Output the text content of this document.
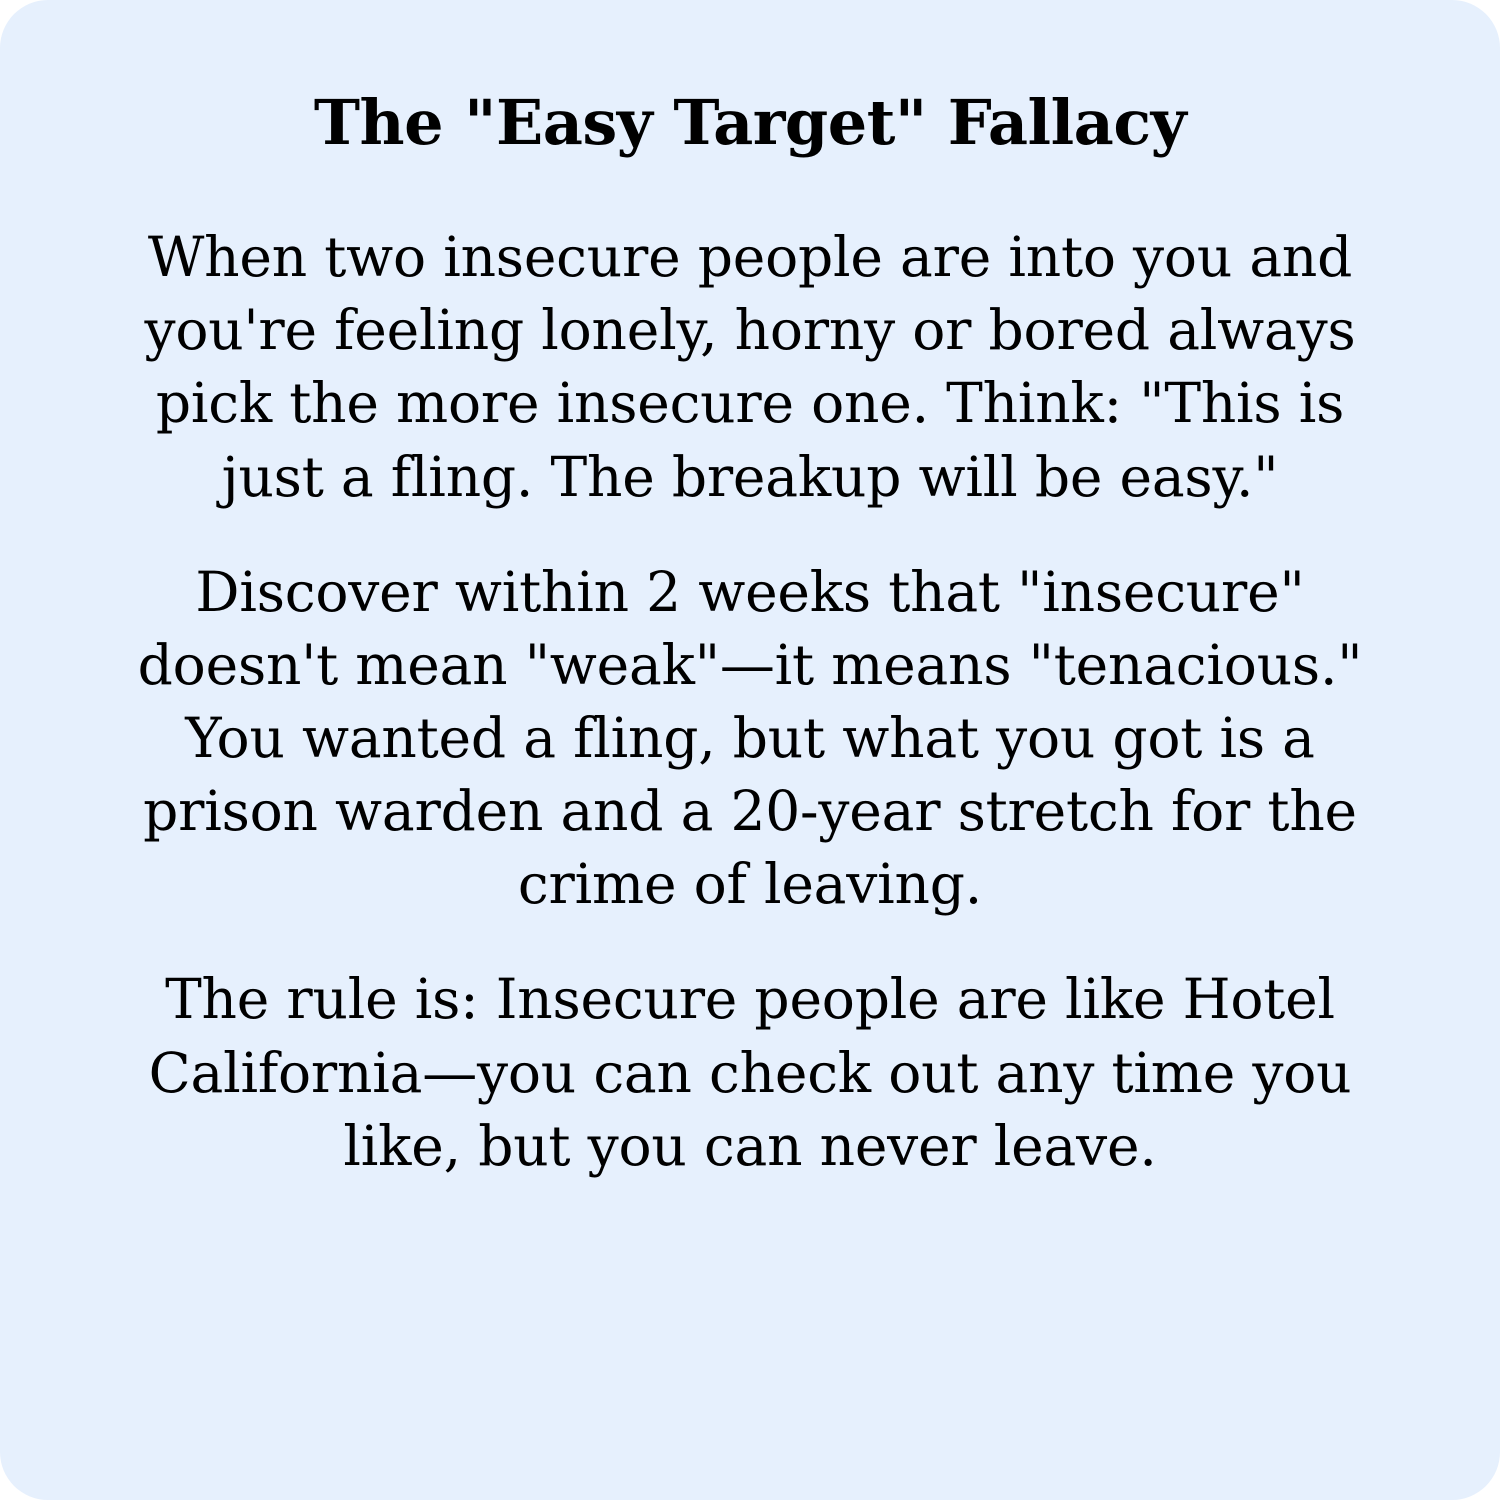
The "Easy Target" Fallacy

When two insecure people are into you and you're feeling lonely, horny or bored always pick the more insecure one. Think: "This is just a fling. The breakup will be easy."

Discover within 2 weeks that "insecure" doesn't mean "weak"—it means "tenacious." You wanted a fling, but what you got is a prison warden and a 20-year stretch for the crime of leaving.

The rule is: Insecure people are like Hotel California—you can check out any time you like, but you can never leave.
